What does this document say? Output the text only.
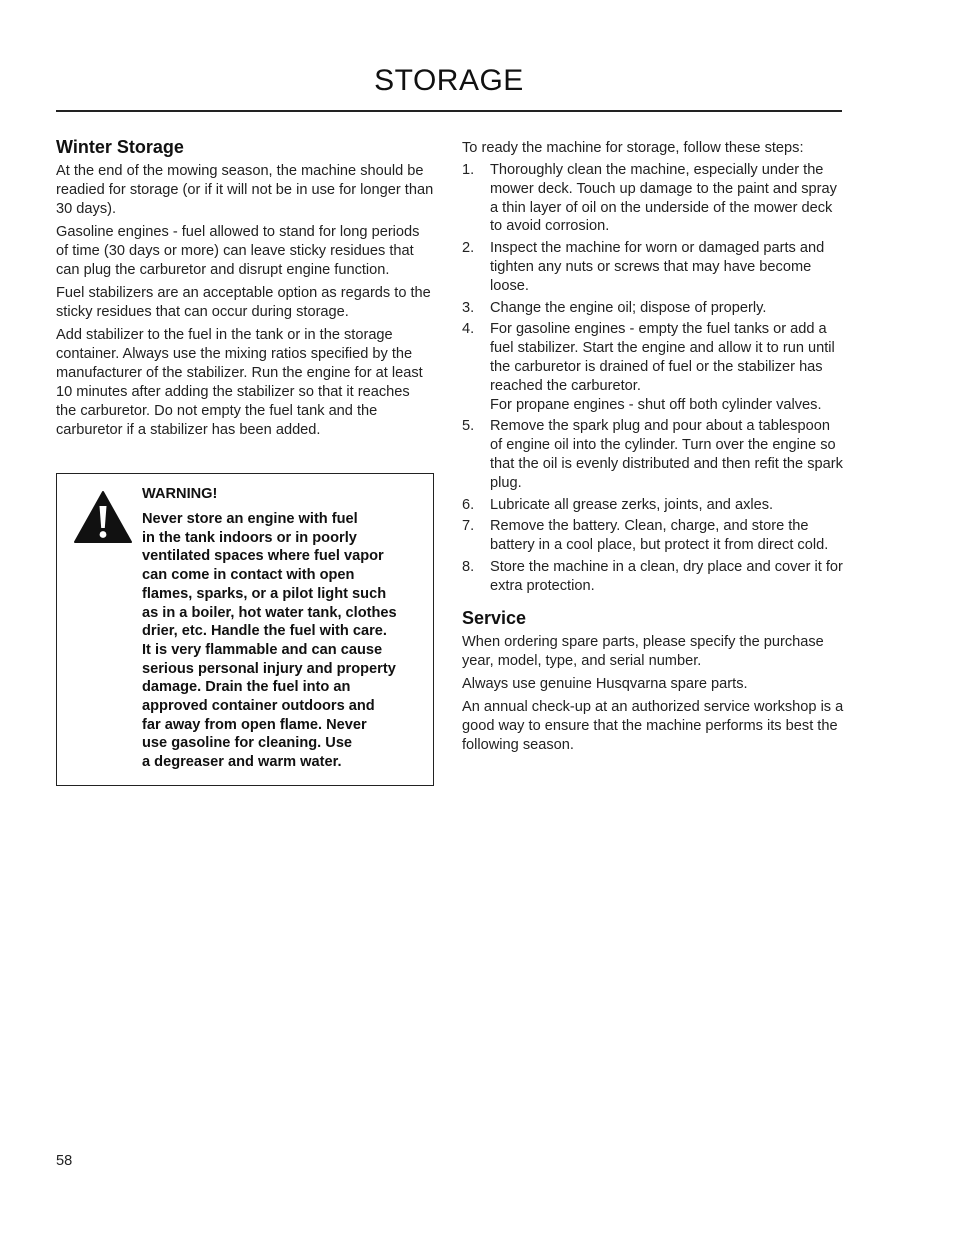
STORAGE
Winter Storage

At the end of the mowing season, the machine should be readied for storage (or if it will not be in use for longer than 30 days).

Gasoline engines - fuel allowed to stand for long periods of time (30 days or more) can leave sticky residues that can plug the carburetor and disrupt engine function.

Fuel stabilizers are an acceptable option as regards to the sticky residues that can occur during storage.

Add stabilizer to the fuel in the tank or in the storage container. Always use the mixing ratios specified by the manufacturer of the stabilizer. Run the engine for at least 10 minutes after adding the stabilizer so that it reaches the carburetor. Do not empty the fuel tank and the carburetor if a stabilizer has been added.

WARNING!

Never store an engine with fuel
in the tank indoors or in poorly
ventilated spaces where fuel vapor
can come in contact with open
flames, sparks, or a pilot light such
as in a boiler, hot water tank, clothes
drier, etc. Handle the fuel with care.
It is very flammable and can cause
serious personal injury and property
damage. Drain the fuel into an
approved container outdoors and
far away from open flame. Never
use gasoline for cleaning. Use
a degreaser and warm water.

To ready the machine for storage, follow these steps:

1. Thoroughly clean the machine, especially under the mower deck. Touch up damage to the paint and spray a thin layer of oil on the underside of the mower deck to avoid corrosion.
2. Inspect the machine for worn or damaged parts and tighten any nuts or screws that may have become loose.
3. Change the engine oil; dispose of properly.
4. For gasoline engines - empty the fuel tanks or add a fuel stabilizer. Start the engine and allow it to run until the carburetor is drained of fuel or the stabilizer has reached the carburetor.
For propane engines - shut off both cylinder valves.
5. Remove the spark plug and pour about a tablespoon of engine oil into the cylinder. Turn over the engine so that the oil is evenly distributed and then refit the spark plug.
6. Lubricate all grease zerks, joints, and axles.
7. Remove the battery. Clean, charge, and store the battery in a cool place, but protect it from direct cold.
8. Store the machine in a clean, dry place and cover it for extra protection.
Service

When ordering spare parts, please specify the purchase year, model, type, and serial number.

Always use genuine Husqvarna spare parts.

An annual check-up at an authorized service workshop is a good way to ensure that the machine performs its best the following season.

58
